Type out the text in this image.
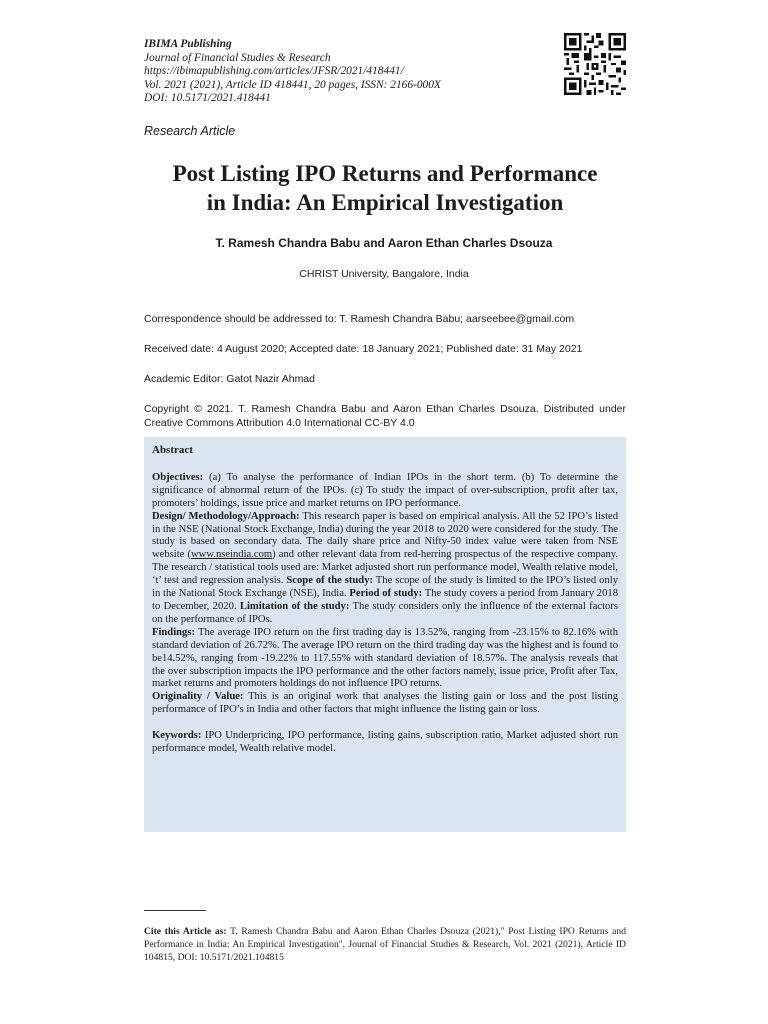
IBIMA Publishing
Journal of Financial Studies & Research
https://ibimapublishing.com/articles/JFSR/2021/418441/
Vol. 2021 (2021), Article ID 418441, 20 pages, ISSN: 2166-000X
DOI: 10.5171/2021.418441
Research Article
Post Listing IPO Returns and Performance
in India: An Empirical Investigation
T. Ramesh Chandra Babu and Aaron Ethan Charles Dsouza
CHRIST University, Bangalore, India
Correspondence should be addressed to: T. Ramesh Chandra Babu; aarseebee@gmail.com
Received date: 4 August 2020; Accepted date: 18 January 2021; Published date: 31 May 2021
Academic Editor: Gatot Nazir Ahmad
Copyright © 2021. T. Ramesh Chandra Babu and Aaron Ethan Charles Dsouza. Distributed under Creative Commons Attribution 4.0 International CC-BY 4.0

Abstract

Objectives: (a) To analyse the performance of Indian IPOs in the short term. (b) To determine the significance of abnormal return of the IPOs. (c) To study the impact of over-subscription, profit after tax, promoters’ holdings, issue price and market returns on IPO performance.

Design/ Methodology/Approach: This research paper is based on empirical analysis. All the 52 IPO’s listed in the NSE (National Stock Exchange, India) during the year 2018 to 2020 were considered for the study. The study is based on secondary data. The daily share price and Nifty-50 index value were taken from NSE website (www.nseindia.com) and other relevant data from red-herring prospectus of the respective company. The research / statistical tools used are: Market adjusted short run performance model, Wealth relative model, ‘t’ test and regression analysis. Scope of the study: The scope of the study is limited to the IPO’s listed only in the National Stock Exchange (NSE), India. Period of study: The study covers a period from January 2018 to December, 2020. Limitation of the study: The study considers only the influence of the external factors on the performance of IPOs.

Findings: The average IPO return on the first trading day is 13.52%, ranging from -23.15% to 82.16% with standard deviation of 26.72%. The average IPO return on the third trading day was the highest and is found to be14.52%, ranging from -19.22% to 117.55% with standard deviation of 18.57%. The analysis reveals that the over subscription impacts the IPO performance and the other factors namely, issue price, Profit after Tax, market returns and promoters holdings do not influence IPO returns.

Originality / Value: This is an original work that analyses the listing gain or loss and the post listing performance of IPO’s in India and other factors that might influence the listing gain or loss.

Keywords: IPO Underpricing, IPO performance, listing gains, subscription ratio, Market adjusted short run performance model, Wealth relative model.

Cite this Article as: T. Ramesh Chandra Babu and Aaron Ethan Charles Dsouza (2021)," Post Listing IPO Returns and Performance in India: An Empirical Investigation", Journal of Financial Studies & Research, Vol. 2021 (2021), Article ID 104815, DOI: 10.5171/2021.104815
